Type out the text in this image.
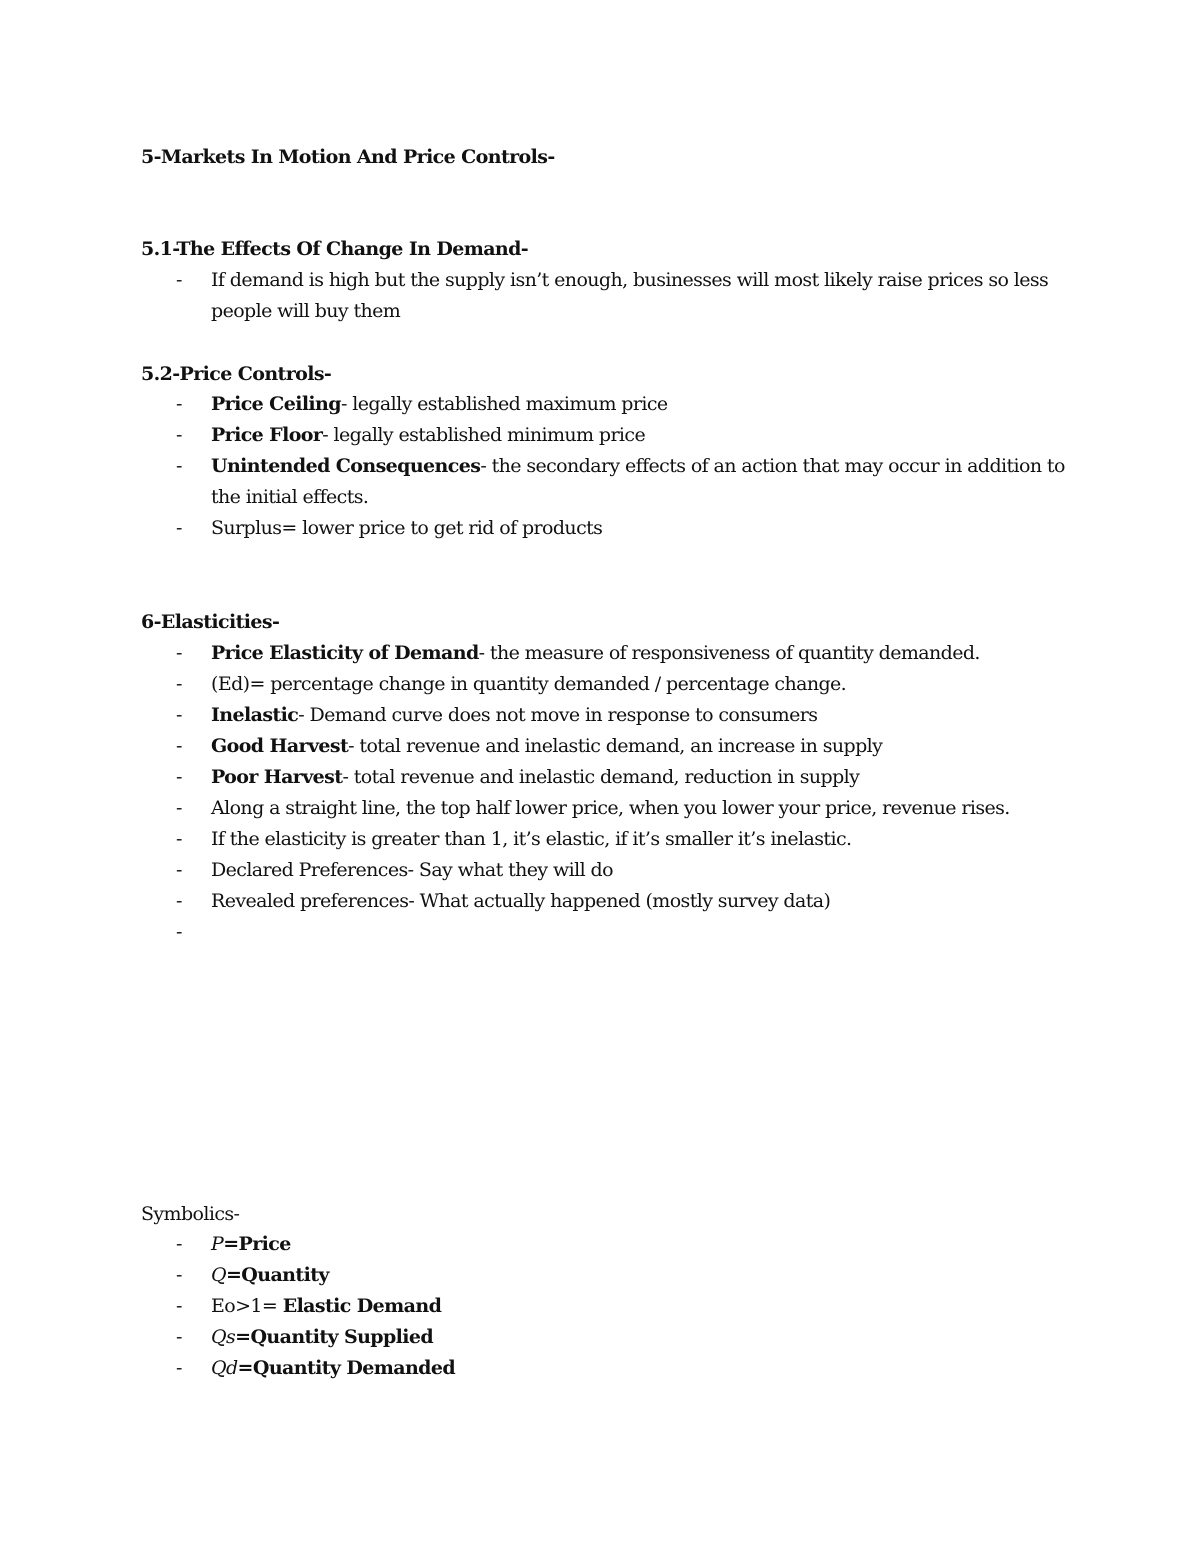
5-Markets In Motion And Price Controls-
5.1-The Effects Of Change In Demand-
- If demand is high but the supply isn’t enough, businesses will most likely raise prices so less people will buy them
5.2-Price Controls-
- Price Ceiling- legally established maximum price
- Price Floor- legally established minimum price
- Unintended Consequences- the secondary effects of an action that may occur in addition to the initial effects.
- Surplus= lower price to get rid of products
6-Elasticities-
- Price Elasticity of Demand- the measure of responsiveness of quantity demanded.
- (Ed)= percentage change in quantity demanded / percentage change.
- Inelastic- Demand curve does not move in response to consumers
- Good Harvest- total revenue and inelastic demand, an increase in supply
- Poor Harvest- total revenue and inelastic demand, reduction in supply
- Along a straight line, the top half lower price, when you lower your price, revenue rises.
- If the elasticity is greater than 1, it’s elastic, if it’s smaller it’s inelastic.
- Declared Preferences- Say what they will do
- Revealed preferences- What actually happened (mostly survey data)
Symbolics-
- P=Price
- Q=Quantity
- Eo>1= Elastic Demand
- Qs=Quantity Supplied
- Qd=Quantity Demanded
